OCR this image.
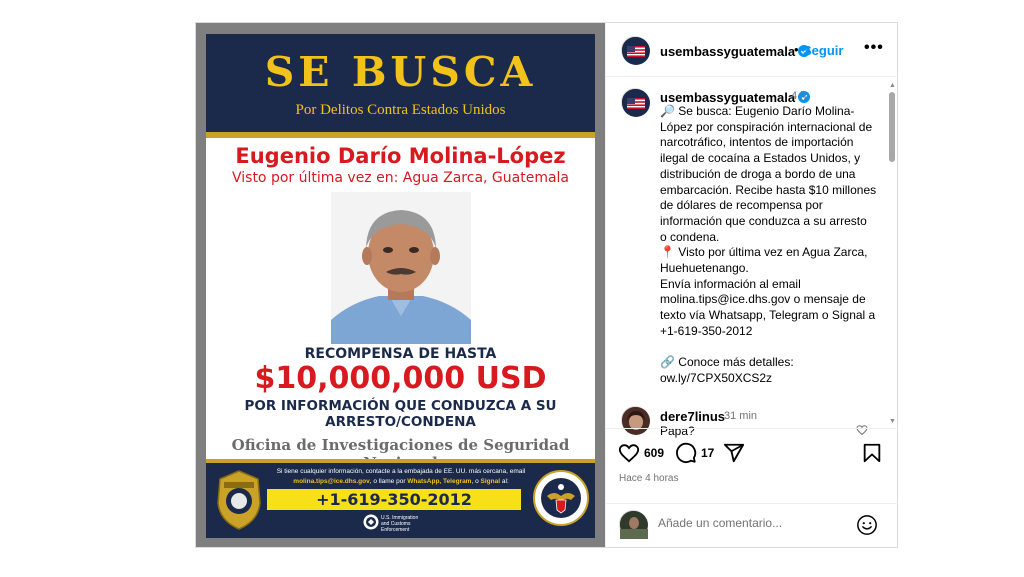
SE BUSCA
Por Delitos Contra Estados Unidos
Eugenio Darío Molina-López
Visto por última vez en: Agua Zarca, Guatemala
RECOMPENSA DE HASTA
$10,000,000 USD
POR INFORMACIÓN QUE CONDUZCA A SU
ARRESTO/CONDENA
Oficina de Investigaciones de Seguridad
Si tiene cualquier información, contacte a la embajada de EE. UU. más cercana, email
molina.tips@ice.dhs.gov, o llame por WhatsApp, Telegram, o Signal al:
+1-619-350-2012
U.S. Immigration
and Customs
Enforcement
usembassyguatemala
• Seguir •••
usembassyguatemala
4 h

🔎 Se busca: Eugenio Darío Molina-

López por conspiración internacional de

narcotráfico, intentos de importación

ilegal de cocaína a Estados Unidos, y

distribución de droga a bordo de una

embarcación. Recibe hasta $10 millones

de dólares de recompensa por

información que conduzca a su arresto

o condena.

📍 Visto por última vez en Agua Zarca,

Huehuetenango.

Envía información al email

molina.tips@ice.dhs.gov o mensaje de

texto vía Whatsapp, Telegram o Signal a

+1-619-350-2012

🔗 Conoce más detalles:

ow.ly/7CPX50XCS2z

dere7linus
31 min
Papa?
▲
▼
609	17
Hace 4 horas
Añade un comentario...
